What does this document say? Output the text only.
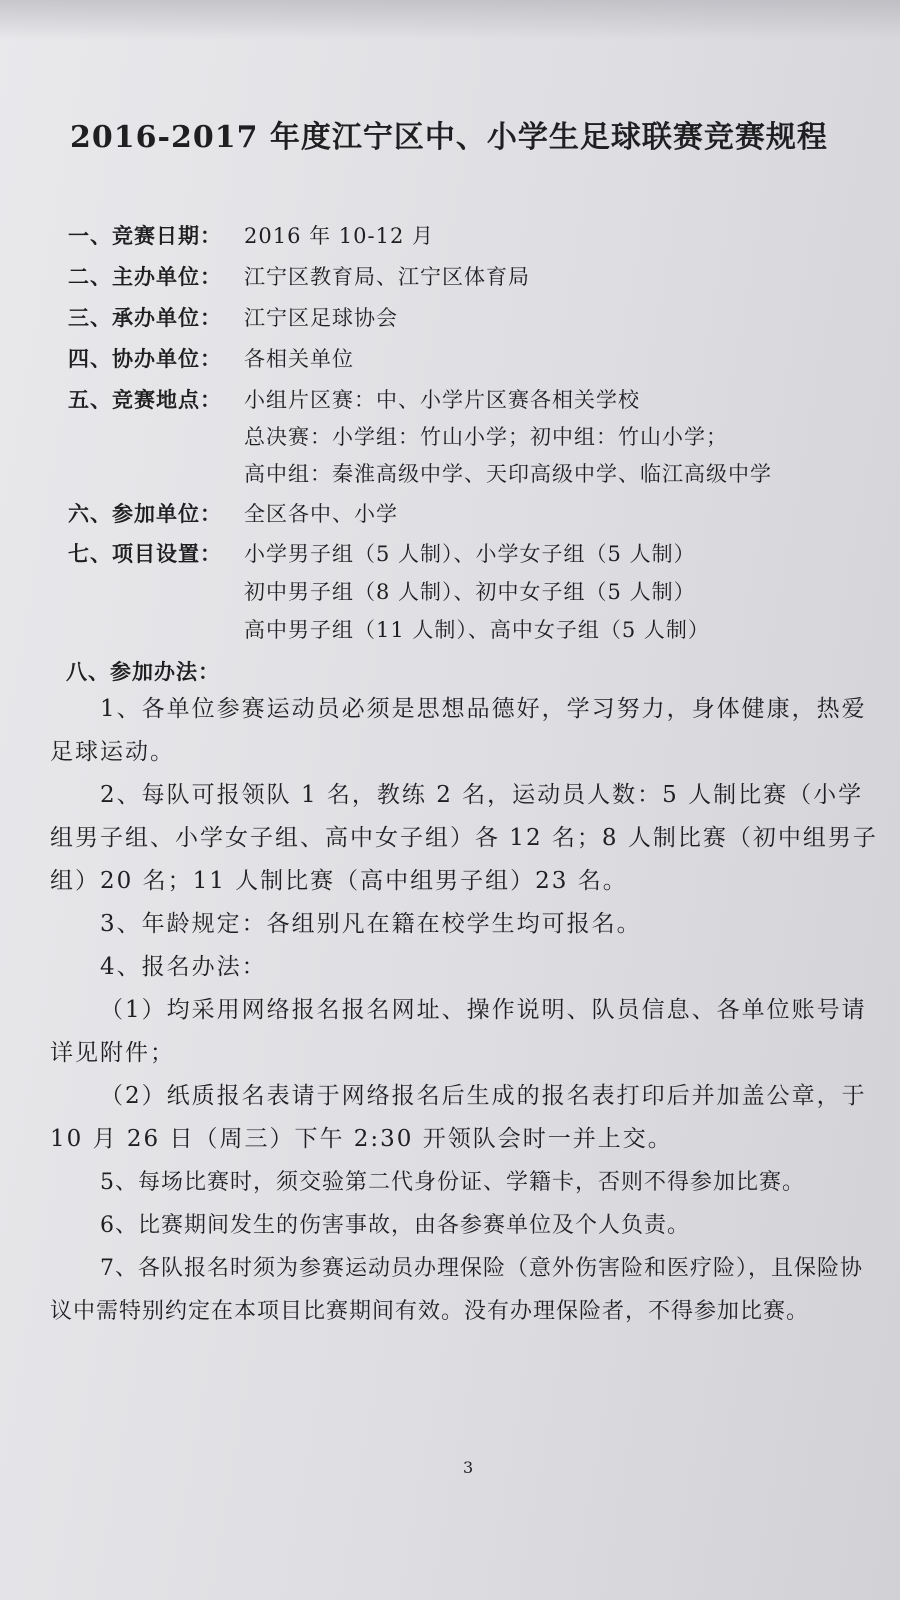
2016-2017 年度江宁区中、小学生足球联赛竞赛规程
一、竞赛日期： 2016 年 10-12 月
二、主办单位： 江宁区教育局、江宁区体育局
三、承办单位： 江宁区足球协会
四、协办单位： 各相关单位
五、竞赛地点： 小组片区赛：中、小学片区赛各相关学校
总决赛：小学组：竹山小学；初中组：竹山小学；
高中组：秦淮高级中学、天印高级中学、临江高级中学
六、参加单位： 全区各中、小学
七、项目设置： 小学男子组（5 人制）、小学女子组（5 人制）
初中男子组（8 人制）、初中女子组（5 人制）
高中男子组（11 人制）、高中女子组（5 人制）
八、参加办法：

1、各单位参赛运动员必须是思想品德好，学习努力，身体健康，热爱足球运动。

2、每队可报领队 1 名，教练 2 名，运动员人数：5 人制比赛（小学组男子组、小学女子组、高中女子组）各 12 名；8 人制比赛（初中组男子组）20 名；11 人制比赛（高中组男子组）23 名。

3、年龄规定：各组别凡在籍在校学生均可报名。

4、报名办法：

（1）均采用网络报名报名网址、操作说明、队员信息、各单位账号请详见附件；

（2）纸质报名表请于网络报名后生成的报名表打印后并加盖公章，于 10 月 26 日（周三）下午 2:30 开领队会时一并上交。

5、每场比赛时，须交验第二代身份证、学籍卡，否则不得参加比赛。

6、比赛期间发生的伤害事故，由各参赛单位及个人负责。

7、各队报名时须为参赛运动员办理保险（意外伤害险和医疗险），且保险协议中需特别约定在本项目比赛期间有效。没有办理保险者，不得参加比赛。

3
